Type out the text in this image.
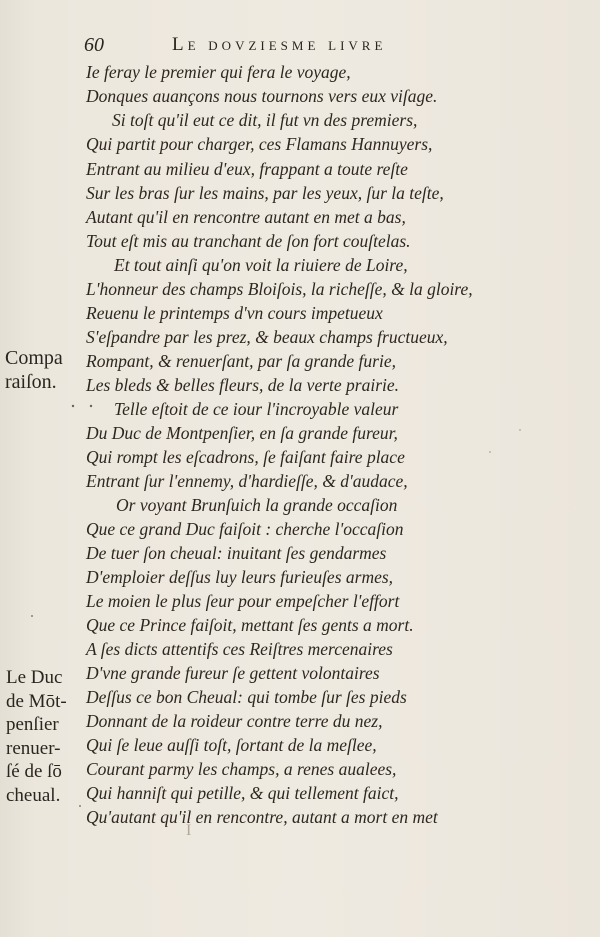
60	Le dovziesme livre
Ie feray le premier qui fera le voyage,
Donques auançons nous tournons vers eux viſage.
Si toſt qu'il eut ce dit, il fut vn des premiers,
Qui partit pour charger, ces Flamans Hannuyers,
Entrant au milieu d'eux, frappant a toute reſte
Sur les bras ſur les mains, par les yeux, ſur la teſte,
Autant qu'il en rencontre autant en met a bas,
Tout eſt mis au tranchant de ſon fort couſtelas.
Et tout ainſi qu'on voit la riuiere de Loire,
L'honneur des champs Bloiſois, la richeſſe, & la gloire,
Reuenu le printemps d'vn cours impetueux
S'eſpandre par les prez, & beaux champs fructueux,
Rompant, & renuerſant, par ſa grande furie,
Les bleds & belles fleurs, de la verte prairie.
Telle eſtoit de ce iour l'incroyable valeur
Du Duc de Montpenſier, en ſa grande fureur,
Qui rompt les eſcadrons, ſe faiſant faire place
Entrant ſur l'ennemy, d'hardieſſe, & d'audace,
Or voyant Brunſuich la grande occaſion
Que ce grand Duc faiſoit : cherche l'occaſion
De tuer ſon cheual: inuitant ſes gendarmes
D'emploier deſſus luy leurs furieuſes armes,
Le moien le plus ſeur pour empeſcher l'effort
Que ce Prince faiſoit, mettant ſes gents a mort.
A ſes dicts attentifs ces Reiſtres mercenaires
D'vne grande fureur ſe gettent volontaires
Deſſus ce bon Cheual: qui tombe ſur ſes pieds
Donnant de la roideur contre terre du nez,
Qui ſe leue auſſi toſt, ſortant de la meſlee,
Courant parmy les champs, a renes aualees,
Qui hanniſt qui petille, & qui tellement faict,
Qu'autant qu'il en rencontre, autant a mort en met
Compa
raiſon.
Le Duc
de Mōt-
penſier
renuer-
ſé de ſō
cheual.
I
